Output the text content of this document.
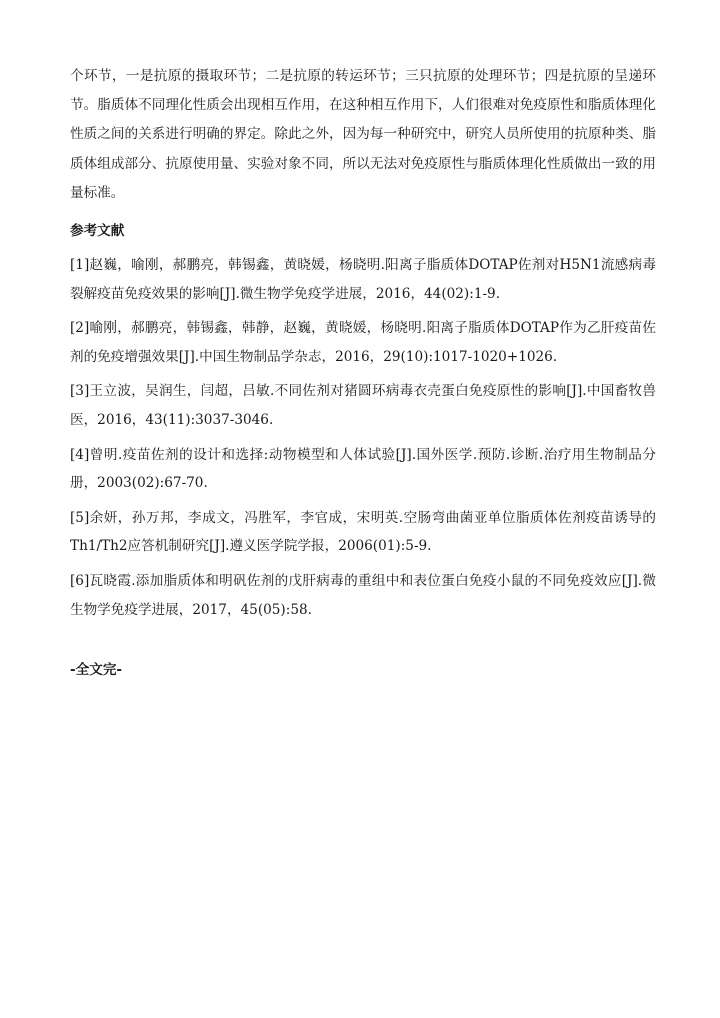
个环节，一是抗原的摄取环节；二是抗原的转运环节；三只抗原的处理环节；四是抗原的呈递环节。脂质体不同理化性质会出现相互作用，在这种相互作用下，人们很难对免疫原性和脂质体理化性质之间的关系进行明确的界定。除此之外，因为每一种研究中，研究人员所使用的抗原种类、脂质体组成部分、抗原使用量、实验对象不同，所以无法对免疫原性与脂质体理化性质做出一致的用量标准。

参考文献
[1]赵巍，喻刚，郝鹏亮，韩锡鑫，黄晓媛，杨晓明.阳离子脂质体DOTAP佐剂对H5N1流感病毒裂解疫苗免疫效果的影响[J].微生物学免疫学进展，2016，44(02):1-9.
[2]喻刚，郝鹏亮，韩锡鑫，韩静，赵巍，黄晓媛，杨晓明.阳离子脂质体DOTAP作为乙肝疫苗佐剂的免疫增强效果[J].中国生物制品学杂志，2016，29(10):1017-1020+1026.
[3]王立波，吴润生，闫超，吕敏.不同佐剂对猪圆环病毒衣壳蛋白免疫原性的影响[J].中国畜牧兽医，2016，43(11):3037-3046.
[4]曾明.疫苗佐剂的设计和选择:动物模型和人体试验[J].国外医学.预防.诊断.治疗用生物制品分册，2003(02):67-70.
[5]余妍，孙万邦，李成文，冯胜军，李官成，宋明英.空肠弯曲菌亚单位脂质体佐剂疫苗诱导的Th1/Th2应答机制研究[J].遵义医学院学报，2006(01):5-9.
[6]瓦晓霞.添加脂质体和明矾佐剂的戊肝病毒的重组中和表位蛋白免疫小鼠的不同免疫效应[J].微生物学免疫学进展，2017，45(05):58.
-全文完-
